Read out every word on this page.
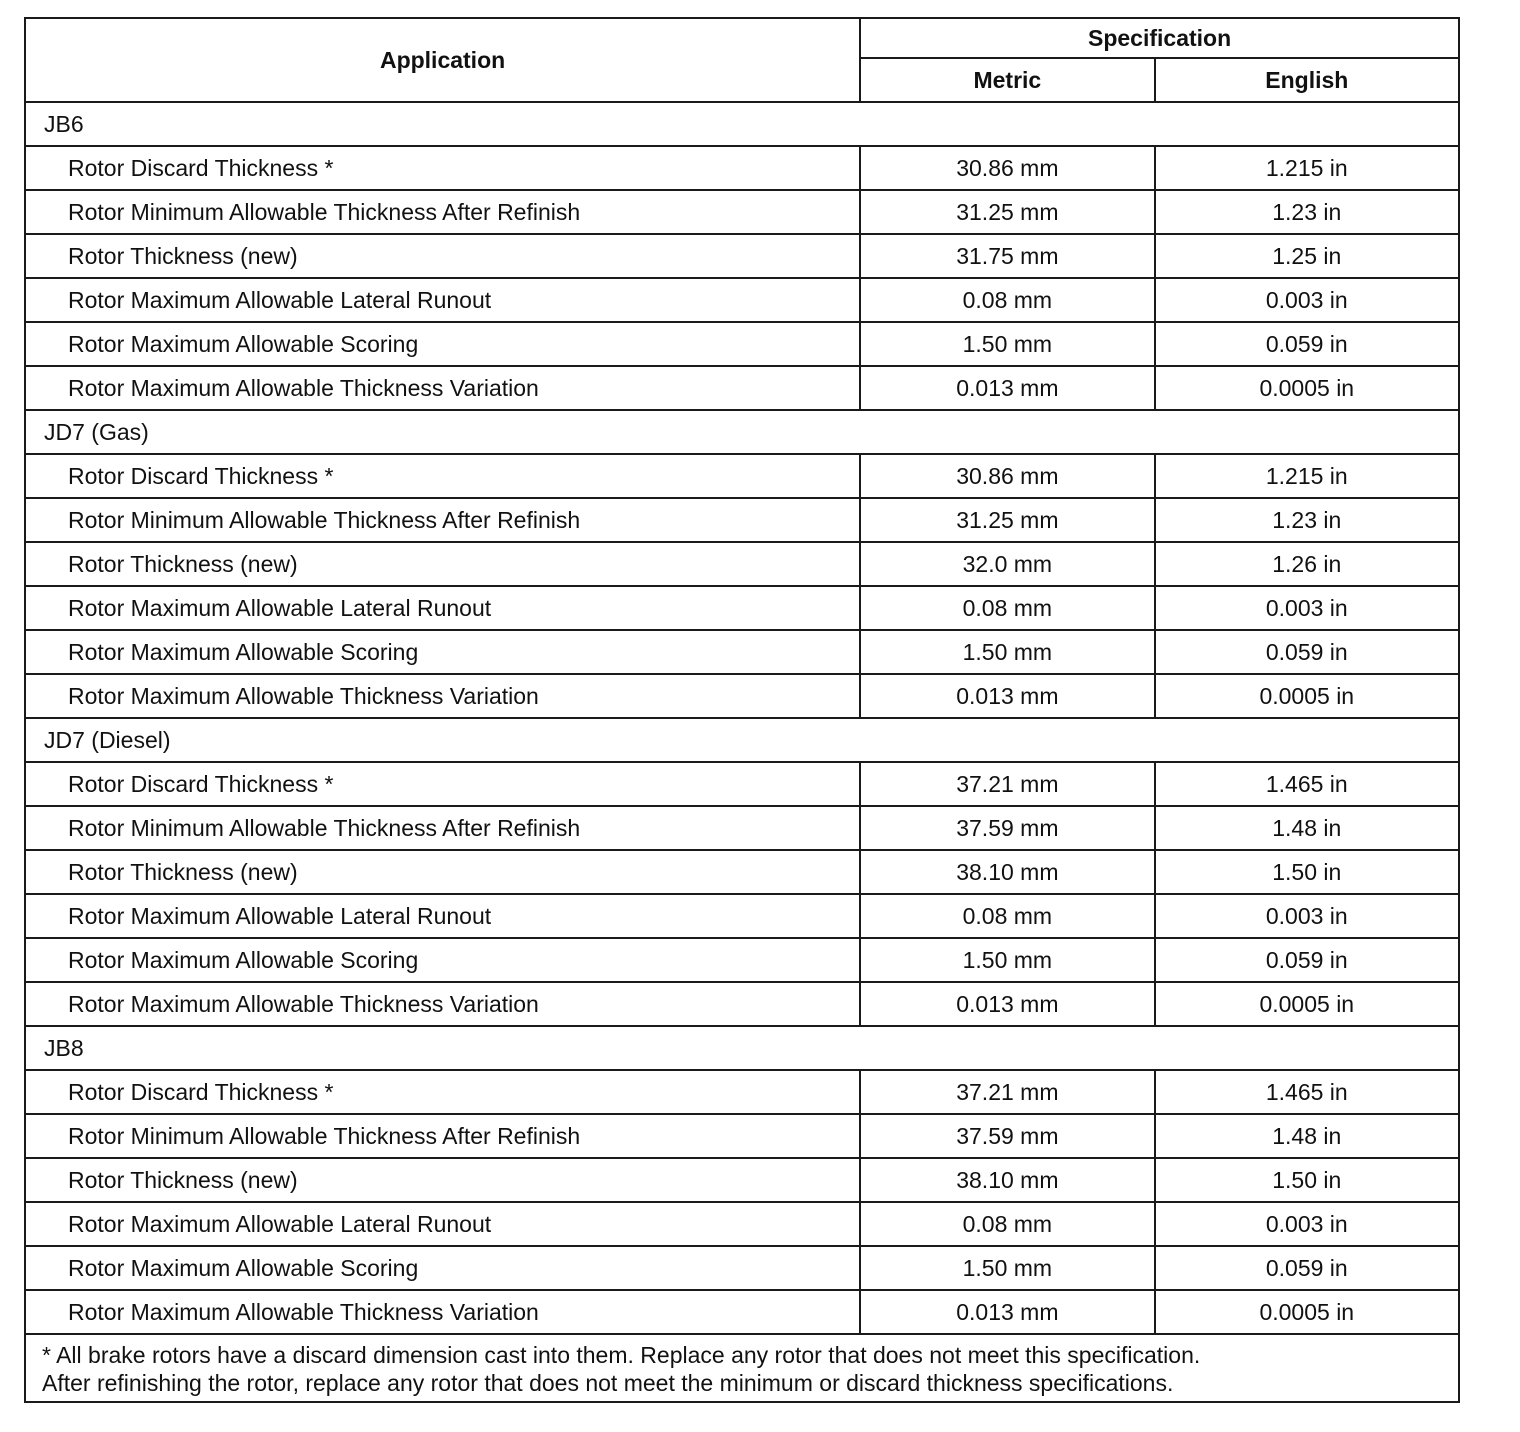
Application	Specification	
	Metric	English
JB6		
Rotor Discard Thickness *	30.86 mm	1.215 in
Rotor Minimum Allowable Thickness After Refinish	31.25 mm	1.23 in
Rotor Thickness (new)	31.75 mm	1.25 in
Rotor Maximum Allowable Lateral Runout	0.08 mm	0.003 in
Rotor Maximum Allowable Scoring	1.50 mm	0.059 in
Rotor Maximum Allowable Thickness Variation	0.013 mm	0.0005 in
JD7 (Gas)		
Rotor Discard Thickness *	30.86 mm	1.215 in
Rotor Minimum Allowable Thickness After Refinish	31.25 mm	1.23 in
Rotor Thickness (new)	32.0 mm	1.26 in
Rotor Maximum Allowable Lateral Runout	0.08 mm	0.003 in
Rotor Maximum Allowable Scoring	1.50 mm	0.059 in
Rotor Maximum Allowable Thickness Variation	0.013 mm	0.0005 in
JD7 (Diesel)		
Rotor Discard Thickness *	37.21 mm	1.465 in
Rotor Minimum Allowable Thickness After Refinish	37.59 mm	1.48 in
Rotor Thickness (new)	38.10 mm	1.50 in
Rotor Maximum Allowable Lateral Runout	0.08 mm	0.003 in
Rotor Maximum Allowable Scoring	1.50 mm	0.059 in
Rotor Maximum Allowable Thickness Variation	0.013 mm	0.0005 in
JB8		
Rotor Discard Thickness *	37.21 mm	1.465 in
Rotor Minimum Allowable Thickness After Refinish	37.59 mm	1.48 in
Rotor Thickness (new)	38.10 mm	1.50 in
Rotor Maximum Allowable Lateral Runout	0.08 mm	0.003 in
Rotor Maximum Allowable Scoring	1.50 mm	0.059 in
Rotor Maximum Allowable Thickness Variation	0.013 mm	0.0005 in

* All brake rotors have a discard dimension cast into them. Replace any rotor that does not meet this specification.
After refinishing the rotor, replace any rotor that does not meet the minimum or discard thickness specifications.		
